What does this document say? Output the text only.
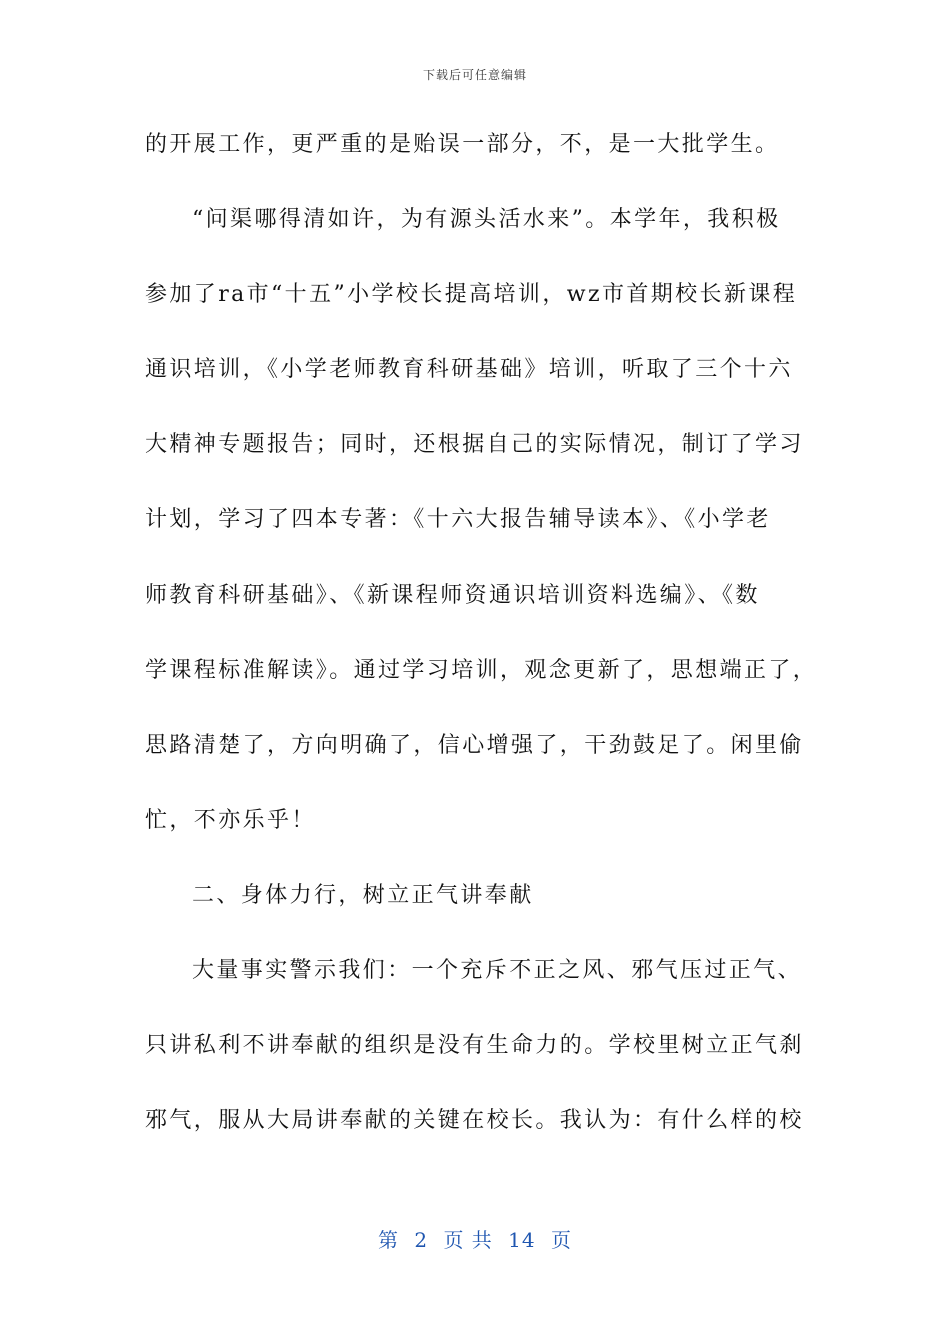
下载后可任意编辑
的开展工作，更严重的是贻误一部分，不，是一大批学生。
“问渠哪得清如许，为有源头活水来”。本学年，我积极
参加了ra市“十五”小学校长提高培训，wz市首期校长新课程
通识培训，《小学老师教育科研基础》培训，听取了三个十六
大精神专题报告；同时，还根据自己的实际情况，制订了学习
计划，学习了四本专著：《十六大报告辅导读本》、《小学老
师教育科研基础》、《新课程师资通识培训资料选编》、《数
学课程标准解读》。通过学习培训，观念更新了，思想端正了，
思路清楚了，方向明确了，信心增强了，干劲鼓足了。闲里偷
忙，不亦乐乎！
二、身体力行，树立正气讲奉献
大量事实警示我们：一个充斥不正之风、邪气压过正气、
只讲私利不讲奉献的组织是没有生命力的。学校里树立正气刹
邪气，服从大局讲奉献的关键在校长。我认为：有什么样的校
第 2 页 共 14 页
